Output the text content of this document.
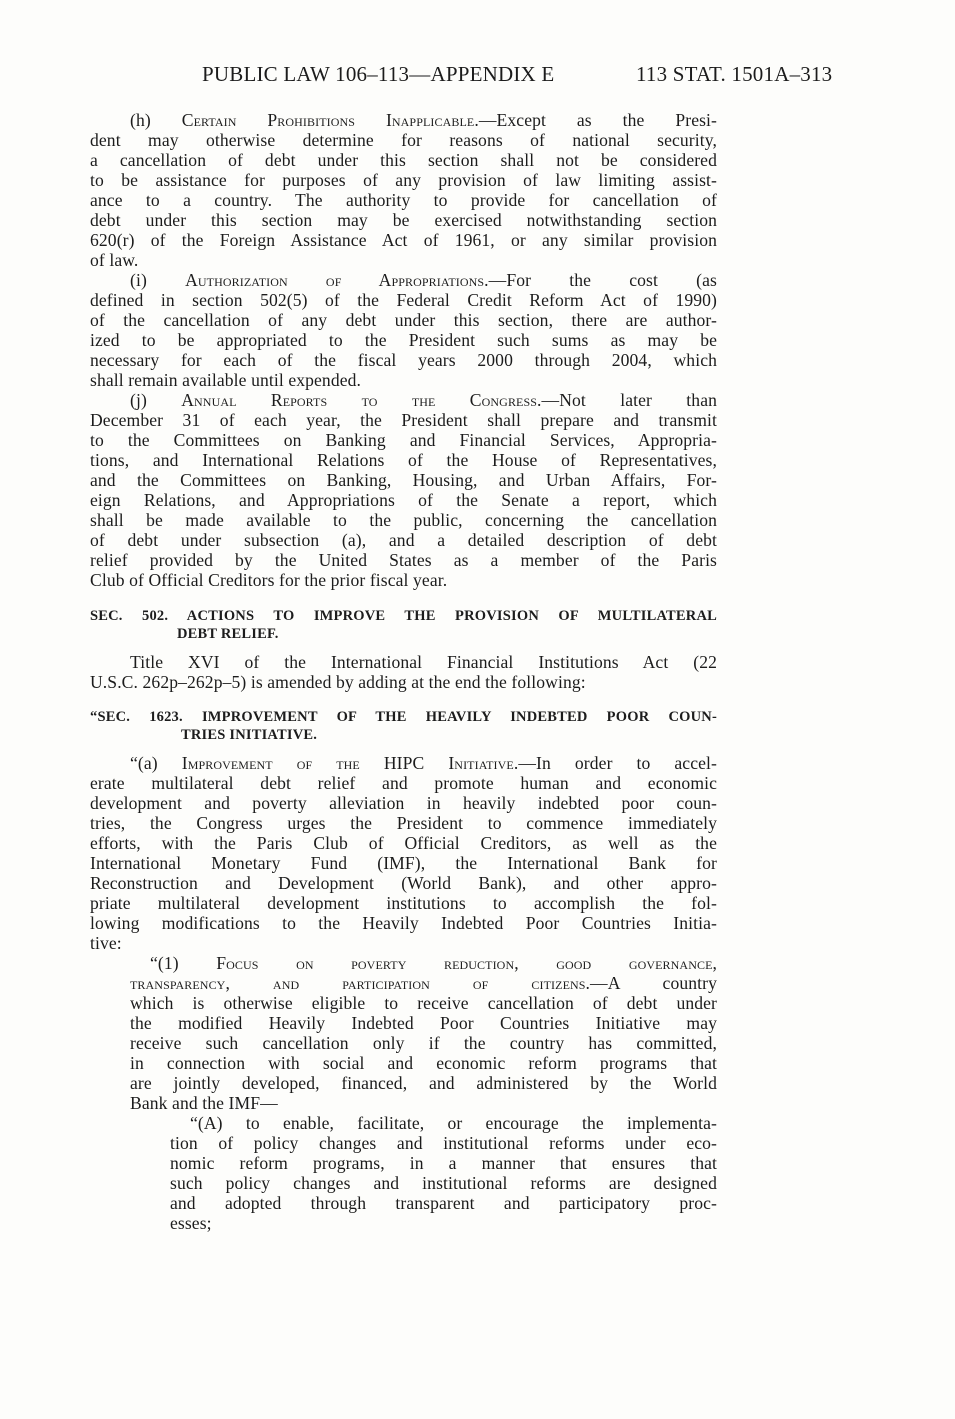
PUBLIC LAW 106–113—APPENDIX E	113 STAT. 1501A–313
(h) Certain Prohibitions Inapplicable.—Except as the Presi-
dent may otherwise determine for reasons of national security,
a cancellation of debt under this section shall not be considered
to be assistance for purposes of any provision of law limiting assist-
ance to a country. The authority to provide for cancellation of
debt under this section may be exercised notwithstanding section
620(r) of the Foreign Assistance Act of 1961, or any similar provision
of law.
(i) Authorization of Appropriations.—For the cost (as
defined in section 502(5) of the Federal Credit Reform Act of 1990)
of the cancellation of any debt under this section, there are author-
ized to be appropriated to the President such sums as may be
necessary for each of the fiscal years 2000 through 2004, which
shall remain available until expended.
(j) Annual Reports to the Congress.—Not later than
December 31 of each year, the President shall prepare and transmit
to the Committees on Banking and Financial Services, Appropria-
tions, and International Relations of the House of Representatives,
and the Committees on Banking, Housing, and Urban Affairs, For-
eign Relations, and Appropriations of the Senate a report, which
shall be made available to the public, concerning the cancellation
of debt under subsection (a), and a detailed description of debt
relief provided by the United States as a member of the Paris
Club of Official Creditors for the prior fiscal year.
SEC. 502. ACTIONS TO IMPROVE THE PROVISION OF MULTILATERAL
DEBT RELIEF.
Title XVI of the International Financial Institutions Act (22
U.S.C. 262p–262p–5) is amended by adding at the end the following:
“SEC. 1623. IMPROVEMENT OF THE HEAVILY INDEBTED POOR COUN-
TRIES INITIATIVE.
“(a) Improvement of the HIPC Initiative.—In order to accel-
erate multilateral debt relief and promote human and economic
development and poverty alleviation in heavily indebted poor coun-
tries, the Congress urges the President to commence immediately
efforts, with the Paris Club of Official Creditors, as well as the
International Monetary Fund (IMF), the International Bank for
Reconstruction and Development (World Bank), and other appro-
priate multilateral development institutions to accomplish the fol-
lowing modifications to the Heavily Indebted Poor Countries Initia-
tive:
“(1) Focus on poverty reduction, good governance,
transparency, and participation of citizens.—A country
which is otherwise eligible to receive cancellation of debt under
the modified Heavily Indebted Poor Countries Initiative may
receive such cancellation only if the country has committed,
in connection with social and economic reform programs that
are jointly developed, financed, and administered by the World
Bank and the IMF—
“(A) to enable, facilitate, or encourage the implementa-
tion of policy changes and institutional reforms under eco-
nomic reform programs, in a manner that ensures that
such policy changes and institutional reforms are designed
and adopted through transparent and participatory proc-
esses;
